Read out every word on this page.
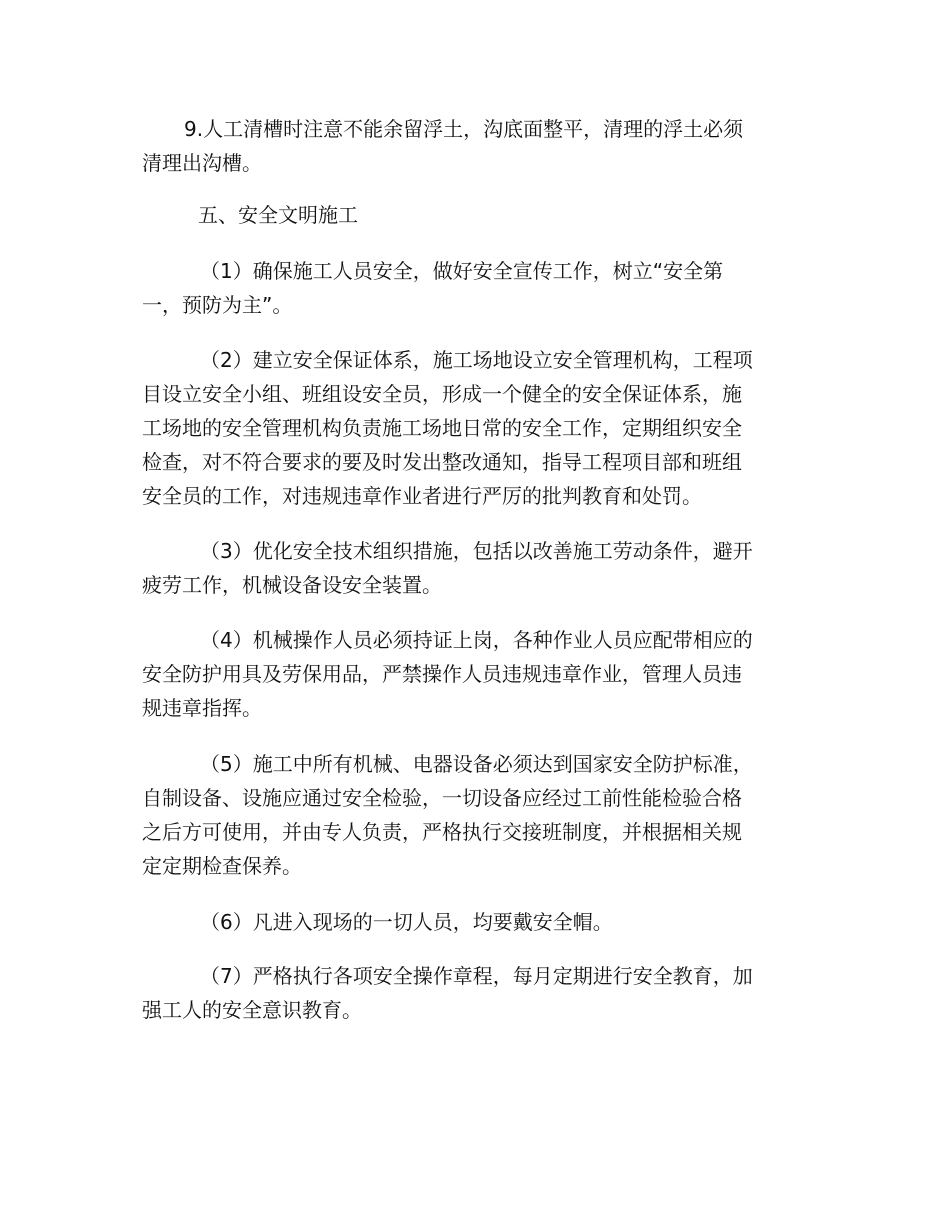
9.人工清槽时注意不能余留浮土，沟底面整平，清理的浮土必须
清理出沟槽。
五、安全文明施工
（1）确保施工人员安全，做好安全宣传工作，树立“安全第
一，预防为主”。
（2）建立安全保证体系，施工场地设立安全管理机构，工程项
目设立安全小组、班组设安全员，形成一个健全的安全保证体系，施
工场地的安全管理机构负责施工场地日常的安全工作，定期组织安全
检查，对不符合要求的要及时发出整改通知，指导工程项目部和班组
安全员的工作，对违规违章作业者进行严厉的批判教育和处罚。
（3）优化安全技术组织措施，包括以改善施工劳动条件，避开
疲劳工作，机械设备设安全装置。
（4）机械操作人员必须持证上岗，各种作业人员应配带相应的
安全防护用具及劳保用品，严禁操作人员违规违章作业，管理人员违
规违章指挥。
（5）施工中所有机械、电器设备必须达到国家安全防护标准，
自制设备、设施应通过安全检验，一切设备应经过工前性能检验合格
之后方可使用，并由专人负责，严格执行交接班制度，并根据相关规
定定期检查保养。
（6）凡进入现场的一切人员，均要戴安全帽。
（7）严格执行各项安全操作章程，每月定期进行安全教育，加
强工人的安全意识教育。
